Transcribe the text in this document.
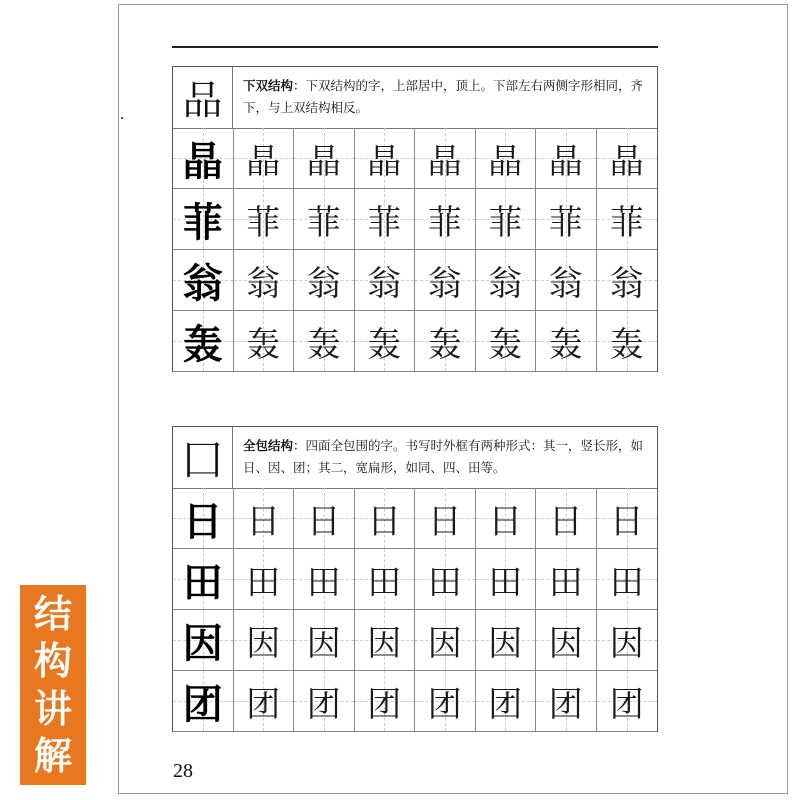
品	下双结构：下双结构的字，上部居中，顶上。下部左右两侧字形相同，齐下，与上双结构相反。
晶 晶 晶 晶 晶 晶 晶 晶
菲 菲 菲 菲 菲 菲 菲 菲
翁 翁 翁 翁 翁 翁 翁 翁
轰 轰 轰 轰 轰 轰 轰 轰
囗	全包结构：四面全包围的字。书写时外框有两种形式：其一，竖长形，如日、因、团；其二，宽扁形，如同、四、田等。
日 日 日 日 日 日 日 日
田 田 田 田 田 田 田 田
因 因 因 因 因 因 因 因
团 团 团 团 团 团 团 团
结
构
讲
解	28
